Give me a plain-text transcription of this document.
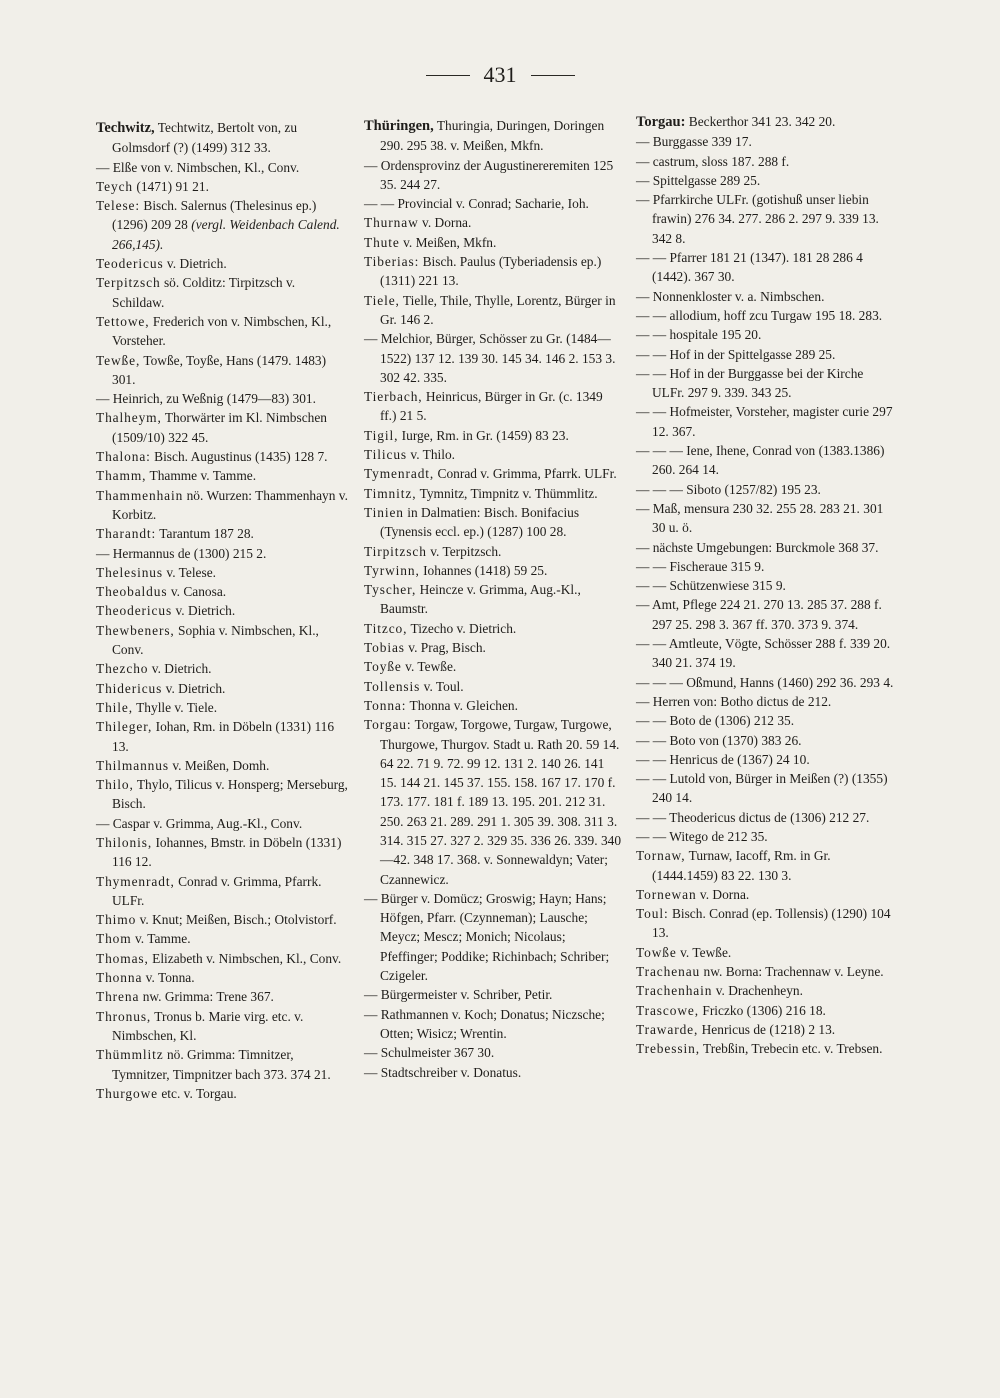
431

Techwitz, Techtwitz, Bertolt von, zu Golmsdorf (?) (1499) 312 33.

— Elße von v. Nimbschen, Kl., Conv.

Teych (1471) 91 21.

Telese: Bisch. Salernus (Thelesinus ep.) (1296) 209 28 (vergl. Weidenbach Calend. 266,145).

Teodericus v. Dietrich.

Terpitzsch sö. Colditz: Tirpitzsch v. Schildaw.

Tettowe, Frederich von v. Nimbschen, Kl., Vorsteher.

Tewße, Towße, Toyße, Hans (1479. 1483) 301.

— Heinrich, zu Weßnig (1479—83) 301.

Thalheym, Thorwärter im Kl. Nimbschen (1509/10) 322 45.

Thalona: Bisch. Augustinus (1435) 128 7.

Thamm, Thamme v. Tamme.

Thammenhain nö. Wurzen: Thammenhayn v. Korbitz.

Tharandt: Tarantum 187 28.

— Hermannus de (1300) 215 2.

Thelesinus v. Telese.

Theobaldus v. Canosa.

Theodericus v. Dietrich.

Thewbeners, Sophia v. Nimbschen, Kl., Conv.

Thezcho v. Dietrich.

Thidericus v. Dietrich.

Thile, Thylle v. Tiele.

Thileger, Iohan, Rm. in Döbeln (1331) 116 13.

Thilmannus v. Meißen, Domh.

Thilo, Thylo, Tilicus v. Honsperg; Merseburg, Bisch.

— Caspar v. Grimma, Aug.-Kl., Conv.

Thilonis, Iohannes, Bmstr. in Döbeln (1331) 116 12.

Thymenradt, Conrad v. Grimma, Pfarrk. ULFr.

Thimo v. Knut; Meißen, Bisch.; Otolvistorf.

Thom v. Tamme.

Thomas, Elizabeth v. Nimbschen, Kl., Conv.

Thonna v. Tonna.

Threna nw. Grimma: Trene 367.

Thronus, Tronus b. Marie virg. etc. v. Nimbschen, Kl.

Thümmlitz nö. Grimma: Timnitzer, Tymnitzer, Timpnitzer bach 373. 374 21.

Thurgowe etc. v. Torgau.

Thüringen, Thuringia, Duringen, Doringen 290. 295 38. v. Meißen, Mkfn.

— Ordensprovinz der Augustinereremiten 125 35. 244 27.

— — Provincial v. Conrad; Sacharie, Ioh.

Thurnaw v. Dorna.

Thute v. Meißen, Mkfn.

Tiberias: Bisch. Paulus (Tyberiadensis ep.) (1311) 221 13.

Tiele, Tielle, Thile, Thylle, Lorentz, Bürger in Gr. 146 2.

— Melchior, Bürger, Schösser zu Gr. (1484—1522) 137 12. 139 30. 145 34. 146 2. 153 3. 302 42. 335.

Tierbach, Heinricus, Bürger in Gr. (c. 1349 ff.) 21 5.

Tigil, Iurge, Rm. in Gr. (1459) 83 23.

Tilicus v. Thilo.

Tymenradt, Conrad v. Grimma, Pfarrk. ULFr.

Timnitz, Tymnitz, Timpnitz v. Thümmlitz.

Tinien in Dalmatien: Bisch. Bonifacius (Tynensis eccl. ep.) (1287) 100 28.

Tirpitzsch v. Terpitzsch.

Tyrwinn, Iohannes (1418) 59 25.

Tyscher, Heincze v. Grimma, Aug.-Kl., Baumstr.

Titzco, Tizecho v. Dietrich.

Tobias v. Prag, Bisch.

Toyße v. Tewße.

Tollensis v. Toul.

Tonna: Thonna v. Gleichen.

Torgau: Torgaw, Torgowe, Turgaw, Turgowe, Thurgowe, Thurgov. Stadt u. Rath 20. 59 14. 64 22. 71 9. 72. 99 12. 131 2. 140 26. 141 15. 144 21. 145 37. 155. 158. 167 17. 170 f. 173. 177. 181 f. 189 13. 195. 201. 212 31. 250. 263 21. 289. 291 1. 305 39. 308. 311 3. 314. 315 27. 327 2. 329 35. 336 26. 339. 340—42. 348 17. 368. v. Sonnewaldyn; Vater; Czannewicz.

— Bürger v. Domücz; Groswig; Hayn; Hans; Höfgen, Pfarr. (Czynneman); Lausche; Meycz; Mescz; Monich; Nicolaus; Pfeffinger; Poddike; Richinbach; Schriber; Czigeler.

— Bürgermeister v. Schriber, Petir.

— Rathmannen v. Koch; Donatus; Niczsche; Otten; Wisicz; Wrentin.

— Schulmeister 367 30.

— Stadtschreiber v. Donatus.

Torgau: Beckerthor 341 23. 342 20.

— Burggasse 339 17.

— castrum, sloss 187. 288 f.

— Spittelgasse 289 25.

— Pfarrkirche ULFr. (gotishuß unser liebin frawin) 276 34. 277. 286 2. 297 9. 339 13. 342 8.

— — Pfarrer 181 21 (1347). 181 28 286 4 (1442). 367 30.

— Nonnenkloster v. a. Nimbschen.

— — allodium, hoff zcu Turgaw 195 18. 283.

— — hospitale 195 20.

— — Hof in der Spittelgasse 289 25.

— — Hof in der Burggasse bei der Kirche ULFr. 297 9. 339. 343 25.

— — Hofmeister, Vorsteher, magister curie 297 12. 367.

— — — Iene, Ihene, Conrad von (1383.1386) 260. 264 14.

— — — Siboto (1257/82) 195 23.

— Maß, mensura 230 32. 255 28. 283 21. 301 30 u. ö.

— nächste Umgebungen: Burckmole 368 37.

— — Fischeraue 315 9.

— — Schützenwiese 315 9.

— Amt, Pflege 224 21. 270 13. 285 37. 288 f. 297 25. 298 3. 367 ff. 370. 373 9. 374.

— — Amtleute, Vögte, Schösser 288 f. 339 20. 340 21. 374 19.

— — — Oßmund, Hanns (1460) 292 36. 293 4.

— Herren von: Botho dictus de 212.

— — Boto de (1306) 212 35.

— — Boto von (1370) 383 26.

— — Henricus de (1367) 24 10.

— — Lutold von, Bürger in Meißen (?) (1355) 240 14.

— — Theodericus dictus de (1306) 212 27.

— — Witego de 212 35.

Tornaw, Turnaw, Iacoff, Rm. in Gr. (1444.1459) 83 22. 130 3.

Tornewan v. Dorna.

Toul: Bisch. Conrad (ep. Tollensis) (1290) 104 13.

Towße v. Tewße.

Trachenau nw. Borna: Trachennaw v. Leyne.

Trachenhain v. Drachenheyn.

Trascowe, Friczko (1306) 216 18.

Trawarde, Henricus de (1218) 2 13.

Trebessin, Trebßin, Trebecin etc. v. Trebsen.
